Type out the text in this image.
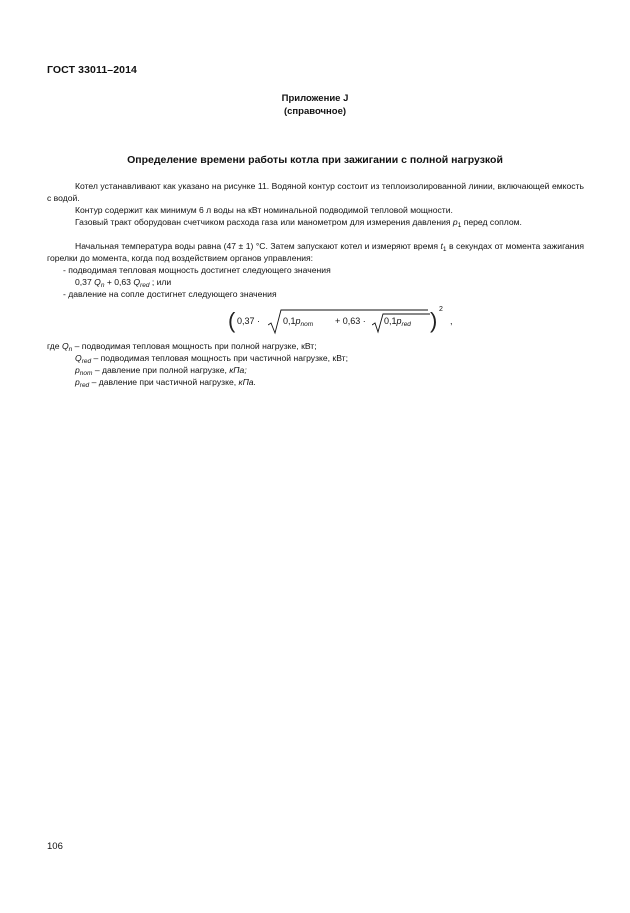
ГОСТ 33011–2014
Приложение J
(справочное)
Определение времени работы котла при зажигании с полной нагрузкой
Котел устанавливают как указано на рисунке 11. Водяной контур состоит из теплоизолированной линии, включающей емкость с водой.
Контур содержит как минимум 6 л воды на кВт номинальной подводимой тепловой мощности.
Газовый тракт оборудован счетчиком расхода газа или манометром для измерения давления $p_1$ перед соплом.
Начальная температура воды равна (47 ± 1) °С. Затем запускают котел и измеряют время $t_1$ в секундах от момента зажигания горелки до момента, когда под воздействием органов управления:
- подводимая тепловая мощность достигнет следующего значения
0,37 $Q_n + 0,63$ $Q_{red}$ ; или
- давление на сопле достигнет следующего значения
( 0,37 ·	$0,1p_{nom} + 0,63 \cdot 0,1p_{red}$ ) 2
,
где $Q_n$ – подводимая тепловая мощность при полной нагрузке, кВт;
$Q_{red}$ – подводимая тепловая мощность при частичной нагрузке, кВт;
$p_{nom}$ – давление при полной нагрузке, кПа;
$p_{red}$ – давление при частичной нагрузке, кПа.
106
